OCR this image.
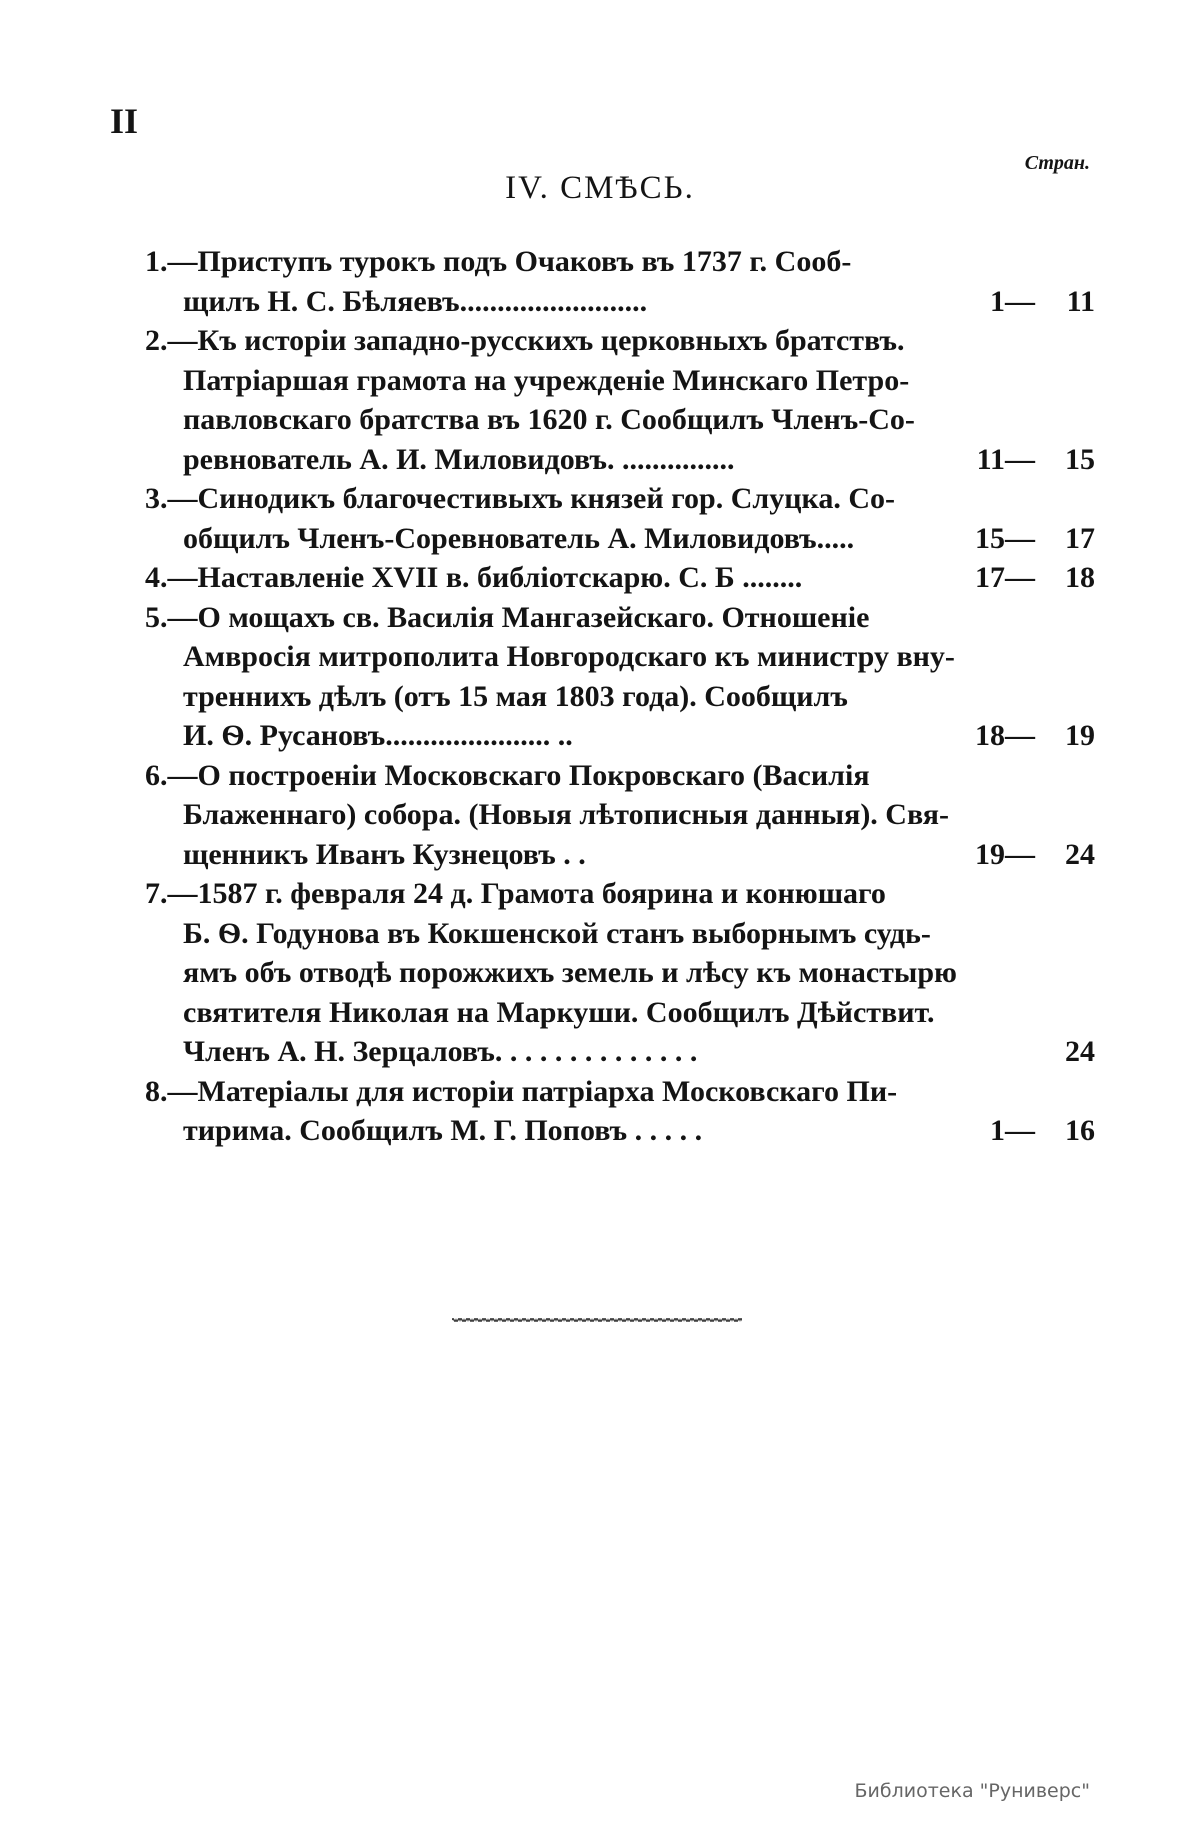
II
Стран.
IV. СМѢСЬ.
1.—Приступъ турокъ подъ Очаковъ въ 1737 г. Сооб-
щилъ Н. С. Бѣляевъ.........................	1— 11
2.—Къ исторіи западно-русскихъ церковныхъ братствъ.
Патріаршая грамота на учрежденіе Минскаго Петро-
павловскаго братства въ 1620 г. Сообщилъ Членъ-Со-
ревнователь А. И. Миловидовъ. ...............	11— 15
3.—Синодикъ благочестивыхъ князей гор. Слуцка. Со-
общилъ Членъ-Соревнователь А. Миловидовъ.....	15— 17
4.—Наставленіе XVII в. библіотскарю. С. Б ........	17— 18
5.—О мощахъ св. Василія Мангазейскаго. Отношеніе
Амвросія митрополита Новгородскаго къ министру вну-
треннихъ дѣлъ (отъ 15 мая 1803 года). Сообщилъ
И. Ѳ. Русановъ...................... ..	18— 19
6.—О построеніи Московскаго Покровскаго (Василія
Блаженнаго) собора. (Новыя лѣтописныя данныя). Свя-
щенникъ Иванъ Кузнецовъ . .	19— 24
7.—1587 г. февраля 24 д. Грамота боярина и конюшаго
Б. Ѳ. Годунова въ Кокшенской станъ выборнымъ судь-
ямъ объ отводѣ порожжихъ земель и лѣсу къ монастырю
святителя Николая на Маркуши. Сообщилъ Дѣйствит.
Членъ А. Н. Зерцаловъ. . . . . . . . . . . . . .	24
8.—Матеріалы для исторіи патріарха Московскаго Пи-
тирима. Сообщилъ М. Г. Поповъ . . . . .	1— 16
Библиотека "Руниверс"
